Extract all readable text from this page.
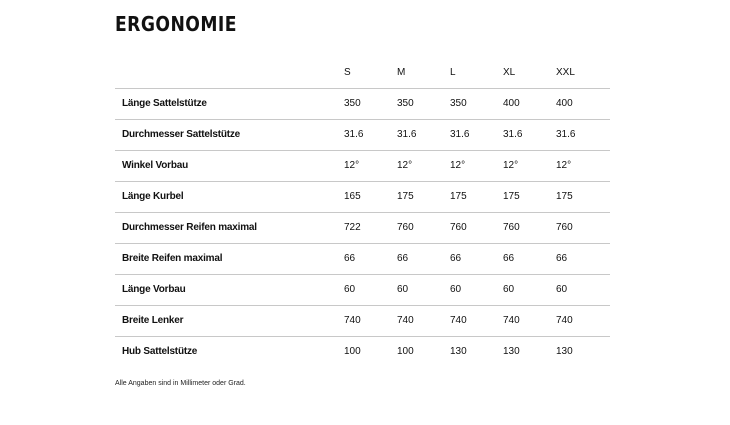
ERGONOMIE
	S	M	L	XL	XXL
Länge Sattelstütze	350	350	350	400	400
Durchmesser Sattelstütze	31.6	31.6	31.6	31.6	31.6
Winkel Vorbau	12°	12°	12°	12°	12°
Länge Kurbel	165	175	175	175	175
Durchmesser Reifen maximal	722	760	760	760	760
Breite Reifen maximal	66	66	66	66	66
Länge Vorbau	60	60	60	60	60
Breite Lenker	740	740	740	740	740
Hub Sattelstütze	100	100	130	130	130
Alle Angaben sind in Millimeter oder Grad.
